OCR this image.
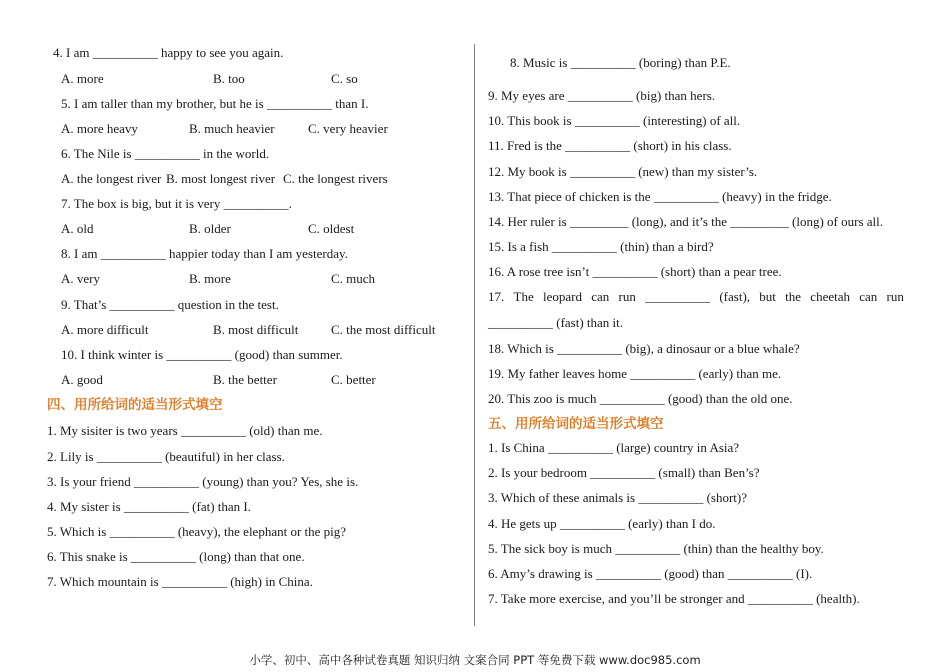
4. I am __________ happy to see you again.
A. more	B. too	C. so
5. I am taller than my brother, but he is __________ than I.
A. more heavy	B. much heavier	C. very heavier
6. The Nile is __________ in the world.
A. the longest river B. most longest river C. the longest rivers
7. The box is big, but it is very __________.
A. old	B. older	C. oldest
8. I am __________ happier today than I am yesterday.
A. very	B. more	C. much
9. That’s __________ question in the test.
A. more difficult	B. most difficult	C. the most difficult
10. I think winter is __________ (good) than summer.
A. good	B. the better	C. better
四、用所给词的适当形式填空
1. My sisiter is two years __________ (old) than me.
2. Lily is __________ (beautiful) in her class.
3. Is your friend __________ (young) than you? Yes, she is.
4. My sister is __________ (fat) than I.
5. Which is __________ (heavy), the elephant or the pig?
6. This snake is __________ (long) than that one.
7. Which mountain is __________ (high) in China.
8. Music is __________ (boring) than P.E.
9. My eyes are __________ (big) than hers.
10. This book is __________ (interesting) of all.
11. Fred is the __________ (short) in his class.
12. My book is __________ (new) than my sister’s.
13. That piece of chicken is the __________ (heavy) in the fridge.
14. Her ruler is _________ (long), and it’s the _________ (long) of ours all.
15. Is a fish __________ (thin) than a bird?
16. A rose tree isn’t __________ (short) than a pear tree.
17. The leopard can run __________ (fast), but the cheetah can run
__________ (fast) than it.
18. Which is __________ (big), a dinosaur or a blue whale?
19. My father leaves home __________ (early) than me.
20. This zoo is much __________ (good) than the old one.
五、用所给词的适当形式填空
1. Is China __________ (large) country in Asia?
2. Is your bedroom __________ (small) than Ben’s?
3. Which of these animals is __________ (short)?
4. He gets up __________ (early) than I do.
5. The sick boy is much __________ (thin) than the healthy boy.
6. Amy’s drawing is __________ (good) than __________ (I).
7. Take more exercise, and you’ll be stronger and __________ (health).
小学、初中、高中各种试卷真题 知识归纳 文案合同 PPT 等免费下载 www.doc985.com
